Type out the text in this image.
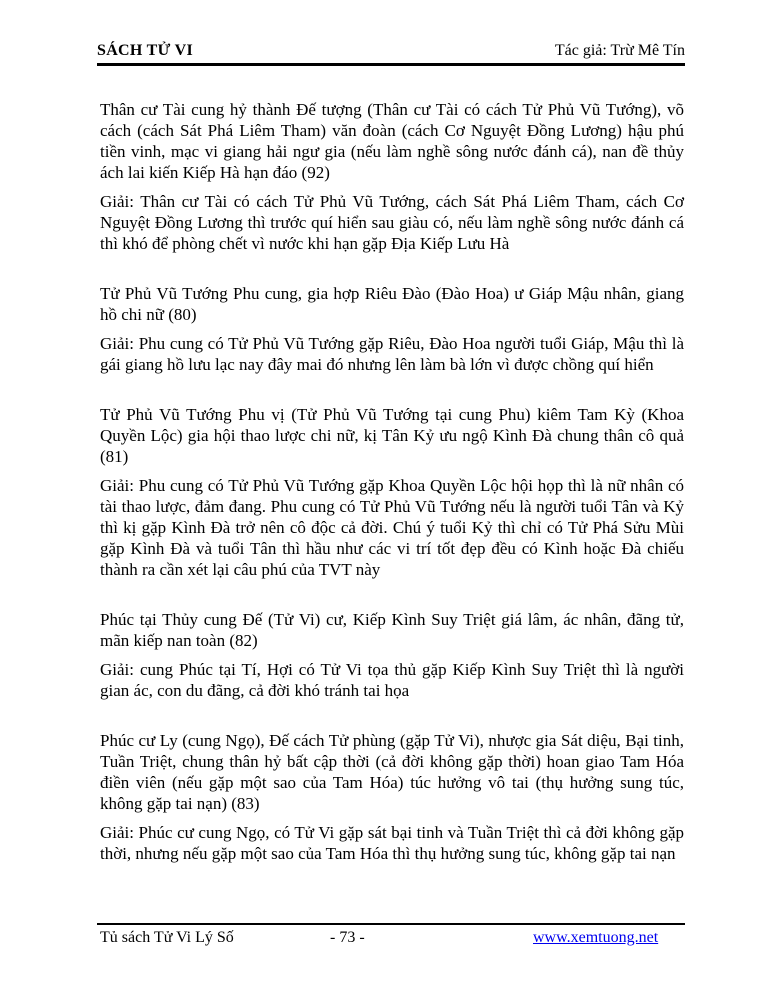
SÁCH TỬ VI	Tác giả: Trừ Mê Tín

Thân cư Tài cung hỷ thành Đế tượng (Thân cư Tài có cách Tử Phủ Vũ Tướng), võ cách (cách Sát Phá Liêm Tham) văn đoàn (cách Cơ Nguyệt Đồng Lương) hậu phú tiền vinh, mạc vi giang hải ngư gia (nếu làm nghề sông nước đánh cá), nan đề thủy ách lai kiến Kiếp Hà hạn đáo (92)

Giải: Thân cư Tài có cách Tử Phủ Vũ Tướng, cách Sát Phá Liêm Tham, cách Cơ Nguyệt Đồng Lương thì trước quí hiển sau giàu có, nếu làm nghề sông nước đánh cá thì khó để phòng chết vì nước khi hạn gặp Địa Kiếp Lưu Hà

Tử Phủ Vũ Tướng Phu cung, gia hợp Riêu Đào (Đào Hoa) ư Giáp Mậu nhân, giang hồ chi nữ (80)

Giải: Phu cung có Tử Phủ Vũ Tướng gặp Riêu, Đào Hoa người tuổi Giáp, Mậu thì là gái giang hồ lưu lạc nay đây mai đó nhưng lên làm bà lớn vì được chồng quí hiển

Tử Phủ Vũ Tướng Phu vị (Tử Phủ Vũ Tướng tại cung Phu) kiêm Tam Kỳ (Khoa Quyền Lộc) gia hội thao lược chi nữ, kị Tân Kỷ ưu ngộ Kình Đà chung thân cô quả (81)

Giải: Phu cung có Tử Phủ Vũ Tướng gặp Khoa Quyền Lộc hội họp thì là nữ nhân có tài thao lược, đảm đang. Phu cung có Tử Phủ Vũ Tướng nếu là người tuổi Tân và Kỷ thì kị gặp Kình Đà trở nên cô độc cả đời. Chú ý tuổi Kỷ thì chỉ có Tử Phá Sửu Mùi gặp Kình Đà và tuổi Tân thì hầu như các vi trí tốt đẹp đều có Kình hoặc Đà chiếu thành ra cần xét lại câu phú của TVT này

Phúc tại Thủy cung Đế (Tử Vi) cư, Kiếp Kình Suy Triệt giá lâm, ác nhân, đãng tử, mãn kiếp nan toàn (82)

Giải: cung Phúc tại Tí, Hợi có Tử Vi tọa thủ gặp Kiếp Kình Suy Triệt thì là người gian ác, con du đãng, cả đời khó tránh tai họa

Phúc cư Ly (cung Ngọ), Đế cách Tử phùng (gặp Tử Vi), nhược gia Sát diệu, Bại tinh, Tuần Triệt, chung thân hỷ bất cập thời (cả đời không gặp thời) hoan giao Tam Hóa điền viên (nếu gặp một sao của Tam Hóa) túc hưởng vô tai (thụ hưởng sung túc, không gặp tai nạn) (83)

Giải: Phúc cư cung Ngọ, có Tử Vi gặp sát bại tinh và Tuần Triệt thì cả đời không gặp thời, nhưng nếu gặp một sao của Tam Hóa thì thụ hưởng sung túc, không gặp tai nạn

Tủ sách Tử Vi Lý Số	- 73 -	www.xemtuong.net
